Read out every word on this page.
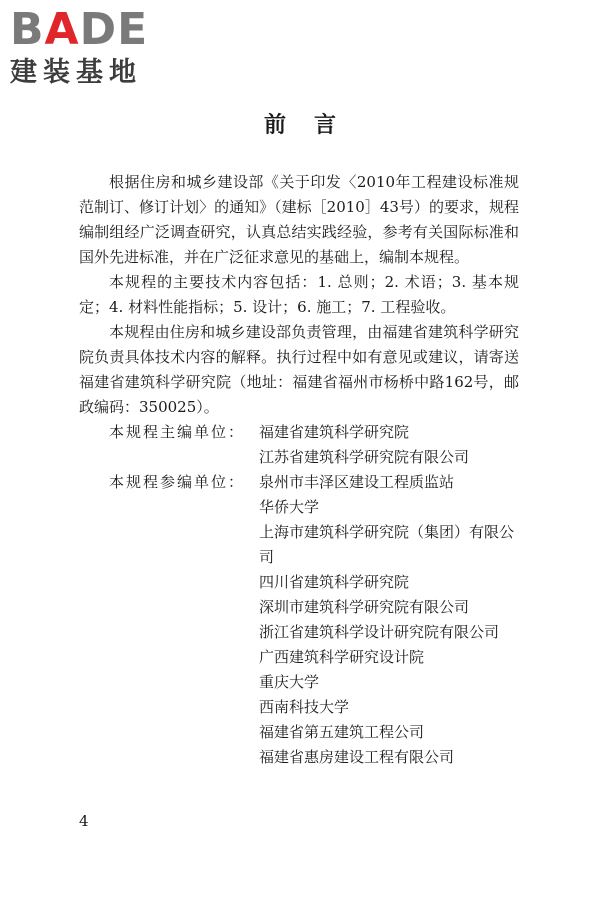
B A DE
建装基地
前言

根据住房和城乡建设部《关于印发〈2010年工程建设标准规范制订、修订计划〉的通知》（建标［2010］43号）的要求，规程编制组经广泛调查研究，认真总结实践经验，参考有关国际标准和国外先进标准，并在广泛征求意见的基础上，编制本规程。

本规程的主要技术内容包括：1. 总则；2. 术语；3. 基本规定；4. 材料性能指标；5. 设计；6. 施工；7. 工程验收。

本规程由住房和城乡建设部负责管理，由福建省建筑科学研究院负责具体技术内容的解释。执行过程中如有意见或建议，请寄送福建省建筑科学研究院（地址：福建省福州市杨桥中路162号，邮政编码：350025）。

本规程主编单位： 福建省建筑科学研究院

江苏省建筑科学研究院有限公司

本规程参编单位： 泉州市丰泽区建设工程质监站

华侨大学

上海市建筑科学研究院（集团）有限公司

四川省建筑科学研究院

深圳市建筑科学研究院有限公司

浙江省建筑科学设计研究院有限公司

广西建筑科学研究设计院

重庆大学

西南科技大学

福建省第五建筑工程公司

福建省惠房建设工程有限公司

4
